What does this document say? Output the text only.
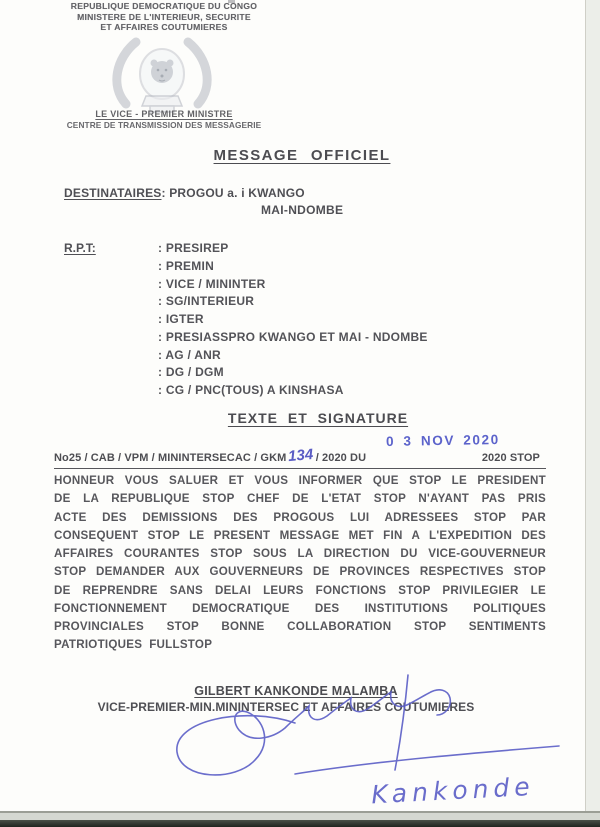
REPUBLIQUE DEMOCRATIQUE DU CONGO
MINISTERE DE L'INTERIEUR, SECURITE
ET AFFAIRES COUTUMIERES
LE VICE - PREMIER MINISTRE
CENTRE DE TRANSMISSION DES MESSAGERIE
MESSAGE OFFICIEL
DESTINATAIRES: PROGOU a. i KWANGO
MAI-NDOMBE
R.P.T:	: PRESIREP
: PREMIN
: VICE / MININTER
: SG/INTERIEUR
: IGTER
: PRESIASSPRO KWANGO ET MAI - NDOMBE
: AG / ANR
: DG / DGM
: CG / PNC(TOUS) A KINSHASA
TEXTE ET SIGNATURE
0 3 NOV 2020
No25 / CAB / VPM / MININTERSECAC / GKM 134 / 2020 DU	2020 STOP
HONNEUR VOUS SALUER ET VOUS INFORMER QUE STOP LE PRESIDENT
DE LA REPUBLIQUE STOP CHEF DE L'ETAT STOP N'AYANT PAS PRIS
ACTE DES DEMISSIONS DES PROGOUS LUI ADRESSEES STOP PAR
CONSEQUENT STOP LE PRESENT MESSAGE MET FIN A L'EXPEDITION DES
AFFAIRES COURANTES STOP SOUS LA DIRECTION DU VICE-GOUVERNEUR
STOP DEMANDER AUX GOUVERNEURS DE PROVINCES RESPECTIVES STOP
DE REPRENDRE SANS DELAI LEURS FONCTIONS STOP PRIVILEGIER LE
FONCTIONNEMENT DEMOCRATIQUE DES INSTITUTIONS POLITIQUES
PROVINCIALES STOP BONNE COLLABORATION STOP SENTIMENTS
PATRIOTIQUES FULLSTOP
GILBERT KANKONDE MALAMBA
VICE-PREMIER-MIN.MININTERSEC ET AFFAIRES COUTUMIERES
Kankonde
